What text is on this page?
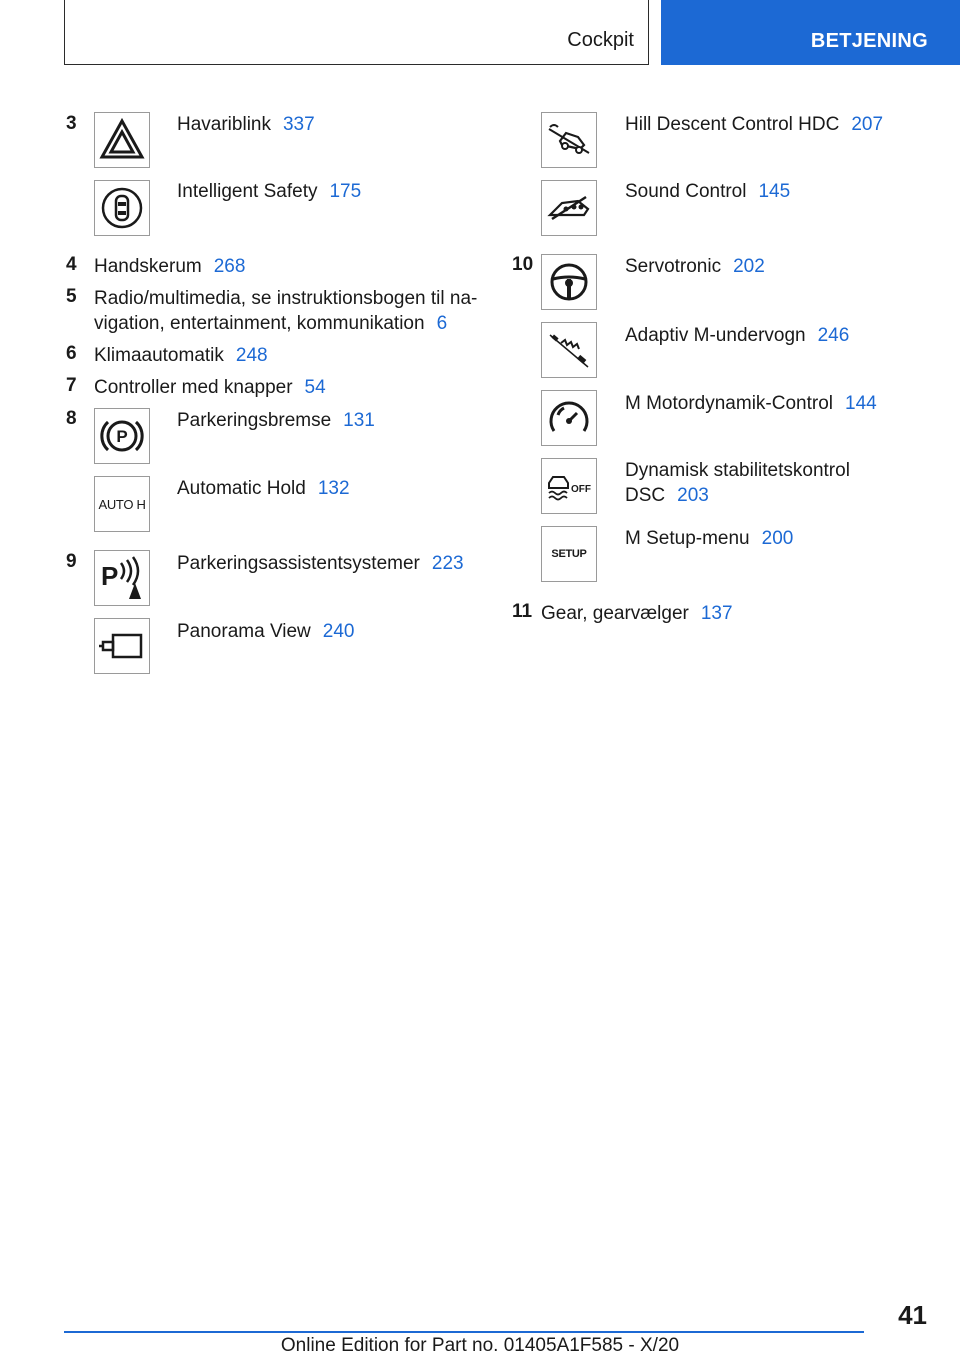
Cockpit	BETJENING
3	Havariblink 337
Intelligent Safety 175
4 Handskerum 268
5 Radio/multimedia, se instruktionsbogen til na‐
vigation, entertainment, kommunikation 6
6 Klimaautomatik 248
7 Controller med knapper 54
8
P
Parkeringsbremse 131
AUTO H
Automatic Hold 132
9 P	Parkeringsassistentsystemer 223
Panorama View 240
Hill Descent Control HDC 207
Sound Control 145
10	Servotronic 202
Adaptiv M-undervogn 246
M Motordynamik-Control 144
OFF
Dynamisk stabilitetskontrol
DSC 203
SETUP
M Setup-menu 200
11 Gear, gearvælger 137
41
Online Edition for Part no. 01405A1F585 - X/20
